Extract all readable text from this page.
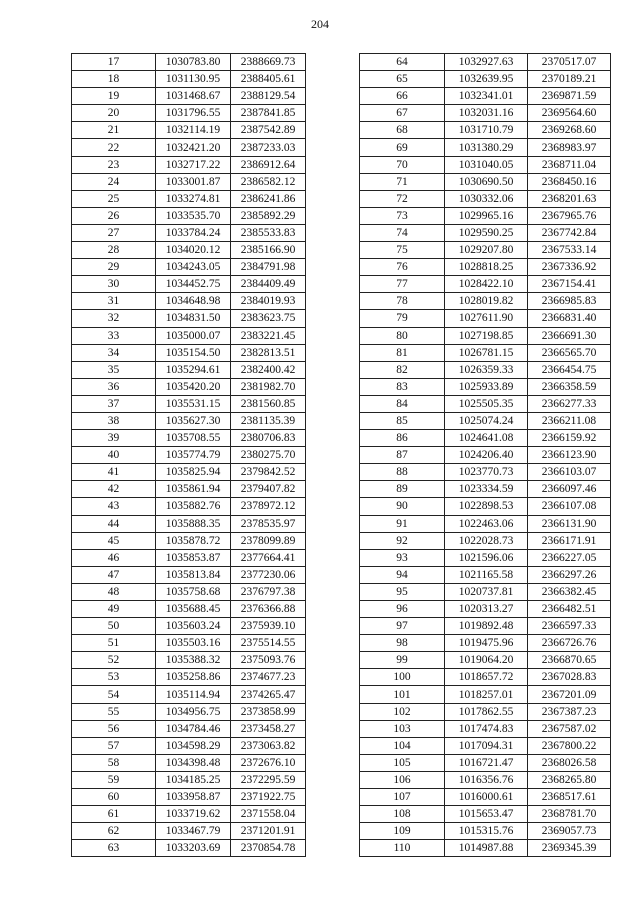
204
17	1030783.80	2388669.73
18	1031130.95	2388405.61
19	1031468.67	2388129.54
20	1031796.55	2387841.85
21	1032114.19	2387542.89
22	1032421.20	2387233.03
23	1032717.22	2386912.64
24	1033001.87	2386582.12
25	1033274.81	2386241.86
26	1033535.70	2385892.29
27	1033784.24	2385533.83
28	1034020.12	2385166.90
29	1034243.05	2384791.98
30	1034452.75	2384409.49
31	1034648.98	2384019.93
32	1034831.50	2383623.75
33	1035000.07	2383221.45
34	1035154.50	2382813.51
35	1035294.61	2382400.42
36	1035420.20	2381982.70
37	1035531.15	2381560.85
38	1035627.30	2381135.39
39	1035708.55	2380706.83
40	1035774.79	2380275.70
41	1035825.94	2379842.52
42	1035861.94	2379407.82
43	1035882.76	2378972.12
44	1035888.35	2378535.97
45	1035878.72	2378099.89
46	1035853.87	2377664.41
47	1035813.84	2377230.06
48	1035758.68	2376797.38
49	1035688.45	2376366.88
50	1035603.24	2375939.10
51	1035503.16	2375514.55
52	1035388.32	2375093.76
53	1035258.86	2374677.23
54	1035114.94	2374265.47
55	1034956.75	2373858.99
56	1034784.46	2373458.27
57	1034598.29	2373063.82
58	1034398.48	2372676.10
59	1034185.25	2372295.59
60	1033958.87	2371922.75
61	1033719.62	2371558.04
62	1033467.79	2371201.91
63	1033203.69	2370854.78
64	1032927.63	2370517.07
65	1032639.95	2370189.21
66	1032341.01	2369871.59
67	1032031.16	2369564.60
68	1031710.79	2369268.60
69	1031380.29	2368983.97
70	1031040.05	2368711.04
71	1030690.50	2368450.16
72	1030332.06	2368201.63
73	1029965.16	2367965.76
74	1029590.25	2367742.84
75	1029207.80	2367533.14
76	1028818.25	2367336.92
77	1028422.10	2367154.41
78	1028019.82	2366985.83
79	1027611.90	2366831.40
80	1027198.85	2366691.30
81	1026781.15	2366565.70
82	1026359.33	2366454.75
83	1025933.89	2366358.59
84	1025505.35	2366277.33
85	1025074.24	2366211.08
86	1024641.08	2366159.92
87	1024206.40	2366123.90
88	1023770.73	2366103.07
89	1023334.59	2366097.46
90	1022898.53	2366107.08
91	1022463.06	2366131.90
92	1022028.73	2366171.91
93	1021596.06	2366227.05
94	1021165.58	2366297.26
95	1020737.81	2366382.45
96	1020313.27	2366482.51
97	1019892.48	2366597.33
98	1019475.96	2366726.76
99	1019064.20	2366870.65
100	1018657.72	2367028.83
101	1018257.01	2367201.09
102	1017862.55	2367387.23
103	1017474.83	2367587.02
104	1017094.31	2367800.22
105	1016721.47	2368026.58
106	1016356.76	2368265.80
107	1016000.61	2368517.61
108	1015653.47	2368781.70
109	1015315.76	2369057.73
110	1014987.88	2369345.39
